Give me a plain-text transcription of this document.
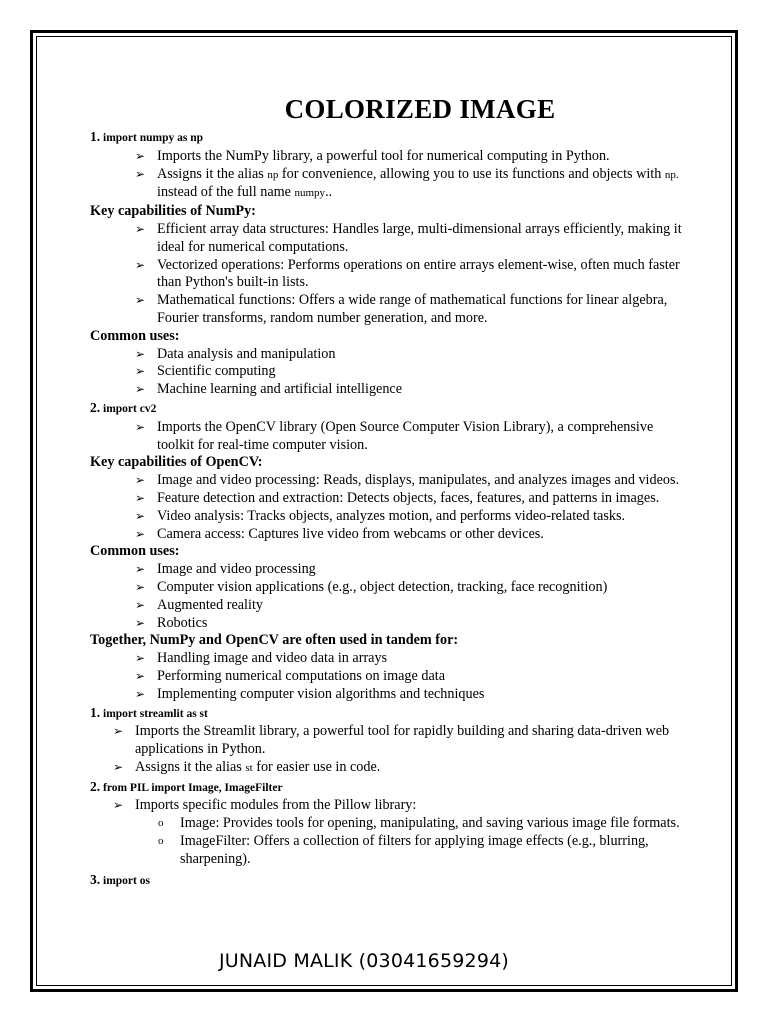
COLORIZED IMAGE
1. import numpy as np
➢ Imports the NumPy library, a powerful tool for numerical computing in Python.
➢ Assigns it the alias np for convenience, allowing you to use its functions and objects with np. instead of the full name numpy..
Key capabilities of NumPy:
➢ Efficient array data structures: Handles large, multi-dimensional arrays efficiently, making it ideal for numerical computations.
➢ Vectorized operations: Performs operations on entire arrays element-wise, often much faster than Python's built-in lists.
➢ Mathematical functions: Offers a wide range of mathematical functions for linear algebra, Fourier transforms, random number generation, and more.
Common uses:
➢ Data analysis and manipulation
➢ Scientific computing
➢ Machine learning and artificial intelligence
2. import cv2
➢ Imports the OpenCV library (Open Source Computer Vision Library), a comprehensive toolkit for real-time computer vision.
Key capabilities of OpenCV:
➢ Image and video processing: Reads, displays, manipulates, and analyzes images and videos.
➢ Feature detection and extraction: Detects objects, faces, features, and patterns in images.
➢ Video analysis: Tracks objects, analyzes motion, and performs video-related tasks.
➢ Camera access: Captures live video from webcams or other devices.
Common uses:
➢ Image and video processing
➢ Computer vision applications (e.g., object detection, tracking, face recognition)
➢ Augmented reality
➢ Robotics
Together, NumPy and OpenCV are often used in tandem for:
➢ Handling image and video data in arrays
➢ Performing numerical computations on image data
➢ Implementing computer vision algorithms and techniques
1. import streamlit as st
➢ Imports the Streamlit library, a powerful tool for rapidly building and sharing data-driven web applications in Python.
➢ Assigns it the alias st for easier use in code.
2. from PIL import Image, ImageFilter
➢ Imports specific modules from the Pillow library:
o Image: Provides tools for opening, manipulating, and saving various image file formats.
o ImageFilter: Offers a collection of filters for applying image effects (e.g., blurring, sharpening).
3. import os
JUNAID MALIK (03041659294)
